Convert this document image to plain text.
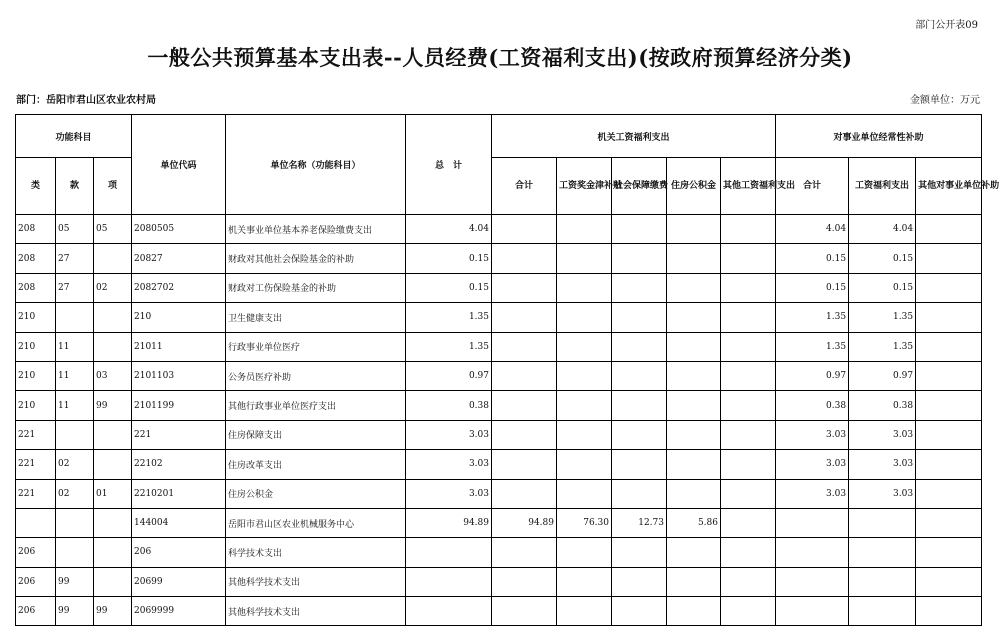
部门公开表09
一般公共预算基本支出表--人员经费(工资福利支出)(按政府预算经济分类)
部门：岳阳市君山区农业农村局	金额单位：万元
功能科目			单位代码	单位名称（功能科目）	总　计	机关工资福利支出					对事业单位经常性补助		
类	款	项				合计	工资奖金津补贴	社会保障缴费	住房公积金	其他工资福利支出	合计	工资福利支出	其他对事业单位补助
208	05	05	2080505	机关事业单位基本养老保险缴费支出	4.04						4.04	4.04	
208	27		20827	财政对其他社会保险基金的补助	0.15						0.15	0.15	
208	27	02	2082702	财政对工伤保险基金的补助	0.15						0.15	0.15	
210			210	卫生健康支出	1.35						1.35	1.35	
210	11		21011	行政事业单位医疗	1.35						1.35	1.35	
210	11	03	2101103	公务员医疗补助	0.97						0.97	0.97	
210	11	99	2101199	其他行政事业单位医疗支出	0.38						0.38	0.38	
221			221	住房保障支出	3.03						3.03	3.03	
221	02		22102	住房改革支出	3.03						3.03	3.03	
221	02	01	2210201	住房公积金	3.03						3.03	3.03	
			144004	岳阳市君山区农业机械服务中心	94.89	94.89	76.30	12.73	5.86				
206			206	科学技术支出									
206	99		20699	其他科学技术支出									
206	99	99	2069999	其他科学技术支出									
